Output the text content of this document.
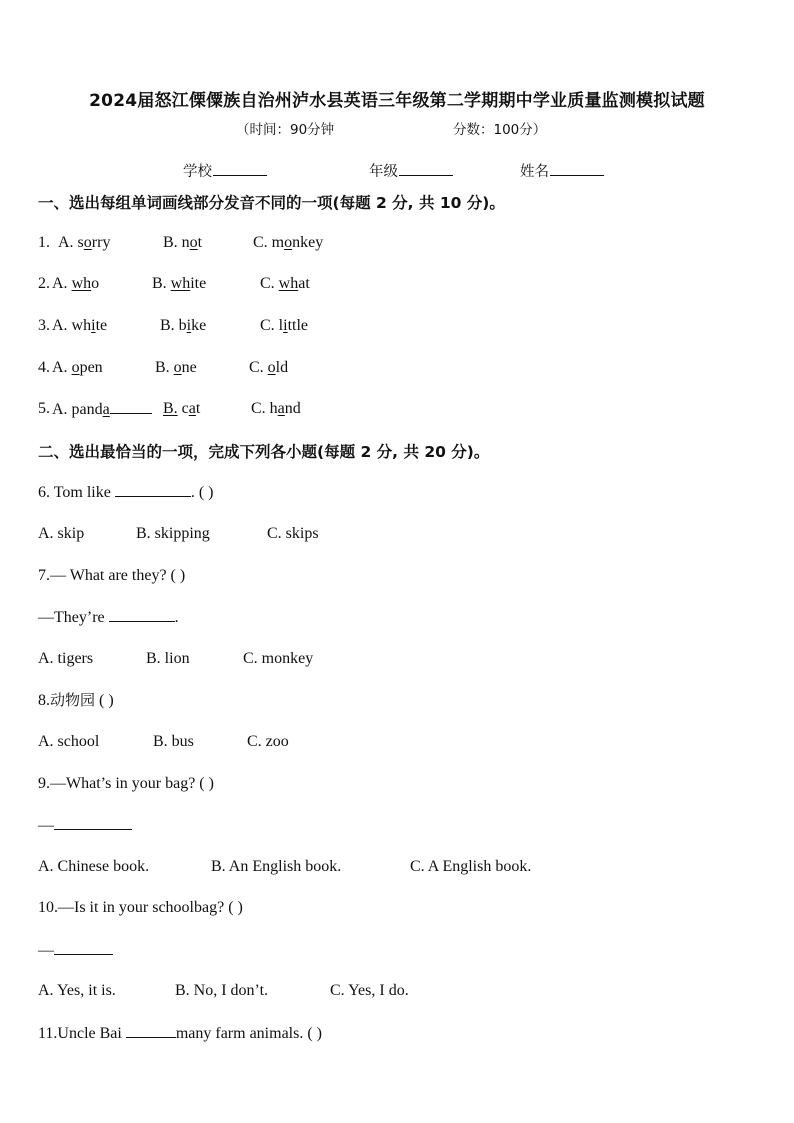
2024届怒江傈僳族自治州泸水县英语三年级第二学期期中学业质量监测模拟试题
（时间：90分钟	分数：100分）
学校	年级	姓名
一、选出每组单词画线部分发音不同的一项(每题 2 分, 共 10 分)。
1. A. sorry	B. not	C. monkey
2. A. who	B. white	C. what
3. A. white	B. bike	C. little
4. A. open	B. one	C. old
5. A. panda	B. cat	C. hand
二、选出最恰当的一项，完成下列各小题(每题 2 分, 共 20 分)。
6. Tom like	. ( )
A. skip	B. skipping	C. skips
7.— What are they? ( )
—They’re	.
A. tigers	B. lion	C. monkey
8.动物园 ( )
A. school	B. bus	C. zoo
9.—What’s in your bag? ( )
—
A. Chinese book.	B. An English book.	C. A English book.
10.—Is it in your schoolbag? ( )
—
A. Yes, it is.	B. No, I don’t.	C. Yes, I do.
11.Uncle Bai	many farm animals. ( )
